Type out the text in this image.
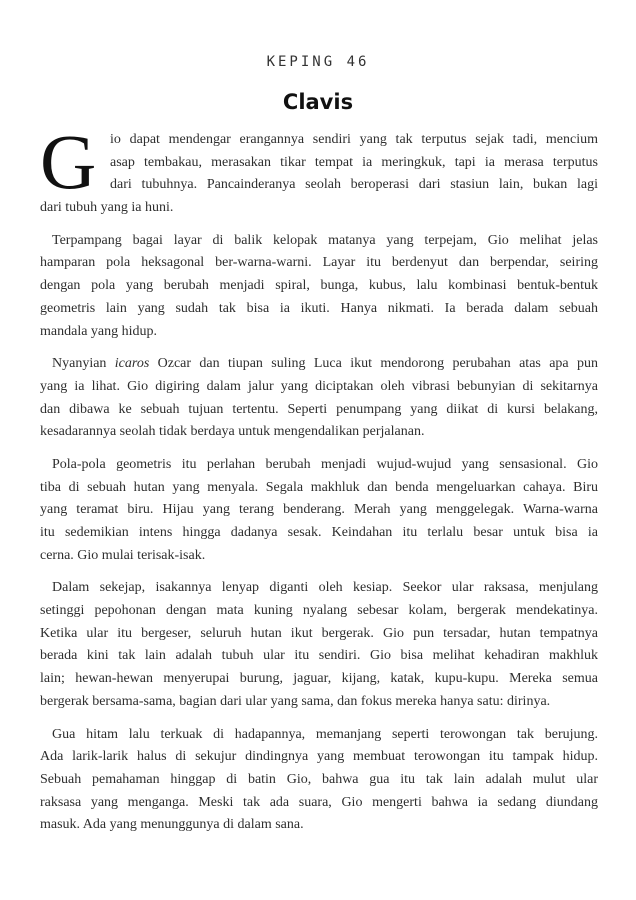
KEPING 46
Clavis
G io dapat mendengar erangannya sendiri yang tak terputus sejak tadi, mencium
asap tembakau, merasakan tikar tempat ia meringkuk, tapi ia merasa terputus
dari tubuhnya. Pancainderanya seolah beroperasi dari stasiun lain, bukan lagi
dari tubuh yang ia huni.
Terpampang bagai layar di balik kelopak matanya yang terpejam, Gio melihat jelas
hamparan pola heksagonal ber-warna-warni. Layar itu berdenyut dan berpendar, seiring
dengan pola yang berubah menjadi spiral, bunga, kubus, lalu kombinasi bentuk-bentuk
geometris lain yang sudah tak bisa ia ikuti. Hanya nikmati. Ia berada dalam sebuah
mandala yang hidup.
Nyanyian icaros Ozcar dan tiupan suling Luca ikut mendorong perubahan atas apa pun
yang ia lihat. Gio digiring dalam jalur yang diciptakan oleh vibrasi bebunyian di sekitarnya
dan dibawa ke sebuah tujuan tertentu. Seperti penumpang yang diikat di kursi belakang,
kesadarannya seolah tidak berdaya untuk mengendalikan perjalanan.
Pola-pola geometris itu perlahan berubah menjadi wujud-wujud yang sensasional. Gio
tiba di sebuah hutan yang menyala. Segala makhluk dan benda mengeluarkan cahaya. Biru
yang teramat biru. Hijau yang terang benderang. Merah yang menggelegak. Warna-warna
itu sedemikian intens hingga dadanya sesak. Keindahan itu terlalu besar untuk bisa ia
cerna. Gio mulai terisak-isak.
Dalam sekejap, isakannya lenyap diganti oleh kesiap. Seekor ular raksasa, menjulang
setinggi pepohonan dengan mata kuning nyalang sebesar kolam, bergerak mendekatinya.
Ketika ular itu bergeser, seluruh hutan ikut bergerak. Gio pun tersadar, hutan tempatnya
berada kini tak lain adalah tubuh ular itu sendiri. Gio bisa melihat kehadiran makhluk
lain; hewan-hewan menyerupai burung, jaguar, kijang, katak, kupu-kupu. Mereka semua
bergerak bersama-sama, bagian dari ular yang sama, dan fokus mereka hanya satu: dirinya.
Gua hitam lalu terkuak di hadapannya, memanjang seperti terowongan tak berujung.
Ada larik-larik halus di sekujur dindingnya yang membuat terowongan itu tampak hidup.
Sebuah pemahaman hinggap di batin Gio, bahwa gua itu tak lain adalah mulut ular
raksasa yang menganga. Meski tak ada suara, Gio mengerti bahwa ia sedang diundang
masuk. Ada yang menunggunya di dalam sana.
